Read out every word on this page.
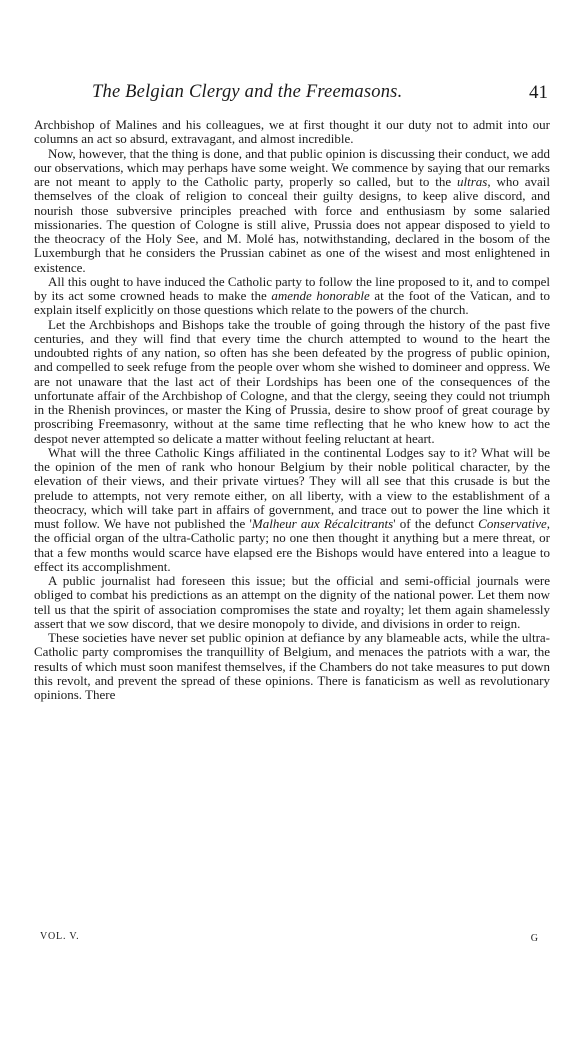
The Belgian Clergy and the Freemasons.	41

Archbishop of Malines and his colleagues, we at first thought it our duty not to admit into our columns an act so absurd, extravagant, and almost incredible.

Now, however, that the thing is done, and that public opinion is discussing their conduct, we add our observations, which may perhaps have some weight. We commence by saying that our remarks are not meant to apply to the Catholic party, properly so called, but to the ultras, who avail themselves of the cloak of religion to conceal their guilty designs, to keep alive discord, and nourish those subversive principles preached with force and enthusiasm by some salaried missionaries. The question of Cologne is still alive, Prussia does not appear disposed to yield to the theocracy of the Holy See, and M. Molé has, notwithstanding, declared in the bosom of the Luxemburgh that he considers the Prussian cabinet as one of the wisest and most enlightened in existence.

All this ought to have induced the Catholic party to follow the line proposed to it, and to compel by its act some crowned heads to make the amende honorable at the foot of the Vatican, and to explain itself explicitly on those questions which relate to the powers of the church.

Let the Archbishops and Bishops take the trouble of going through the history of the past five centuries, and they will find that every time the church attempted to wound to the heart the undoubted rights of any nation, so often has she been defeated by the progress of public opinion, and compelled to seek refuge from the people over whom she wished to domineer and oppress. We are not unaware that the last act of their Lordships has been one of the consequences of the unfortunate affair of the Archbishop of Cologne, and that the clergy, seeing they could not triumph in the Rhenish provinces, or master the King of Prussia, desire to show proof of great courage by proscribing Freemasonry, without at the same time reflecting that he who knew how to act the despot never attempted so delicate a matter without feeling reluctant at heart.

What will the three Catholic Kings affiliated in the continental Lodges say to it? What will be the opinion of the men of rank who honour Belgium by their noble political character, by the elevation of their views, and their private virtues? They will all see that this crusade is but the prelude to attempts, not very remote either, on all liberty, with a view to the establishment of a theocracy, which will take part in affairs of government, and trace out to power the line which it must follow. We have not published the 'Malheur aux Récalcitrants' of the defunct Conservative, the official organ of the ultra-Catholic party; no one then thought it anything but a mere threat, or that a few months would scarce have elapsed ere the Bishops would have entered into a league to effect its accomplishment.

A public journalist had foreseen this issue; but the official and semi-official journals were obliged to combat his predictions as an attempt on the dignity of the national power. Let them now tell us that the spirit of association compromises the state and royalty; let them again shamelessly assert that we sow discord, that we desire monopoly to divide, and divisions in order to reign.

These societies have never set public opinion at defiance by any blameable acts, while the ultra-Catholic party compromises the tranquillity of Belgium, and menaces the patriots with a war, the results of which must soon manifest themselves, if the Chambers do not take measures to put down this revolt, and prevent the spread of these opinions. There is fanaticism as well as revolutionary opinions. There

VOL. V.	G
